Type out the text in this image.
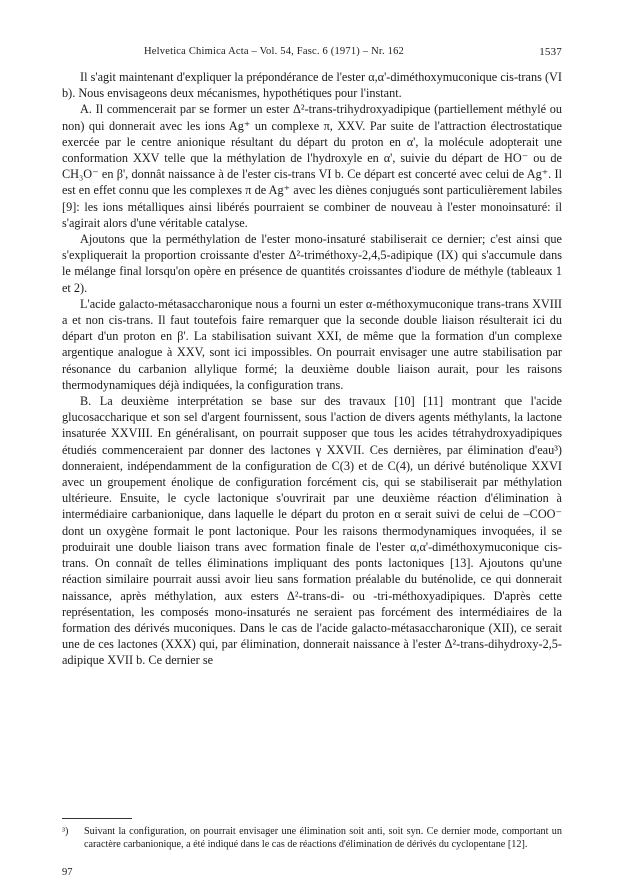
Helvetica Chimica Acta – Vol. 54, Fasc. 6 (1971) – Nr. 162	1537

Il s'agit maintenant d'expliquer la prépondérance de l'ester α,α'-diméthoxymuconique cis-trans (VI b). Nous envisageons deux mécanismes, hypothétiques pour l'instant.

A. Il commencerait par se former un ester Δ²-trans-trihydroxyadipique (partiellement méthylé ou non) qui donnerait avec les ions Ag⁺ un complexe π, XXV. Par suite de l'attraction électrostatique exercée par le centre anionique résultant du départ du proton en α', la molécule adopterait une conformation XXV telle que la méthylation de l'hydroxyle en α', suivie du départ de HO⁻ ou de CH₃O⁻ en β', donnât naissance à de l'ester cis-trans VI b. Ce départ est concerté avec celui de Ag⁺. Il est en effet connu que les complexes π de Ag⁺ avec les diènes conjugués sont particulièrement labiles [9]: les ions métalliques ainsi libérés pourraient se combiner de nouveau à l'ester monoinsaturé: il s'agirait alors d'une véritable catalyse.

Ajoutons que la perméthylation de l'ester mono-insaturé stabiliserait ce dernier; c'est ainsi que s'expliquerait la proportion croissante d'ester Δ²-triméthoxy-2,4,5-adipique (IX) qui s'accumule dans le mélange final lorsqu'on opère en présence de quantités croissantes d'iodure de méthyle (tableaux 1 et 2).

L'acide galacto-métasaccharonique nous a fourni un ester α-méthoxymuconique trans-trans XVIII a et non cis-trans. Il faut toutefois faire remarquer que la seconde double liaison résulterait ici du départ d'un proton en β'. La stabilisation suivant XXI, de même que la formation d'un complexe argentique analogue à XXV, sont ici impossibles. On pourrait envisager une autre stabilisation par résonance du carbanion allylique formé; la deuxième double liaison aurait, pour les raisons thermodynamiques déjà indiquées, la configuration trans.

B. La deuxième interprétation se base sur des travaux [10] [11] montrant que l'acide glucosaccharique et son sel d'argent fournissent, sous l'action de divers agents méthylants, la lactone insaturée XXVIII. En généralisant, on pourrait supposer que tous les acides tétrahydroxyadipiques étudiés commenceraient par donner des lactones γ XXVII. Ces dernières, par élimination d'eau³) donneraient, indépendamment de la configuration de C(3) et de C(4), un dérivé buténolique XXVI avec un groupement énolique de configuration forcément cis, qui se stabiliserait par méthylation ultérieure. Ensuite, le cycle lactonique s'ouvrirait par une deuxième réaction d'élimination à intermédiaire carbanionique, dans laquelle le départ du proton en α serait suivi de celui de –COO⁻ dont un oxygène formait le pont lactonique. Pour les raisons thermodynamiques invoquées, il se produirait une double liaison trans avec formation finale de l'ester α,α'-diméthoxymuconique cis-trans. On connaît de telles éliminations impliquant des ponts lactoniques [13]. Ajoutons qu'une réaction similaire pourrait aussi avoir lieu sans formation préalable du buténolide, ce qui donnerait naissance, après méthylation, aux esters Δ²-trans-di- ou -tri-méthoxyadipiques. D'après cette représentation, les composés mono-insaturés ne seraient pas forcément des intermédiaires de la formation des dérivés muconiques. Dans le cas de l'acide galacto-métasaccharonique (XII), ce serait une de ces lactones (XXX) qui, par élimination, donnerait naissance à l'ester Δ²-trans-dihydroxy-2,5-adipique XVII b. Ce dernier se

³) Suivant la configuration, on pourrait envisager une élimination soit anti, soit syn. Ce dernier mode, comportant un caractère carbanionique, a été indiqué dans le cas de réactions d'élimination de dérivés du cyclopentane [12].
97
